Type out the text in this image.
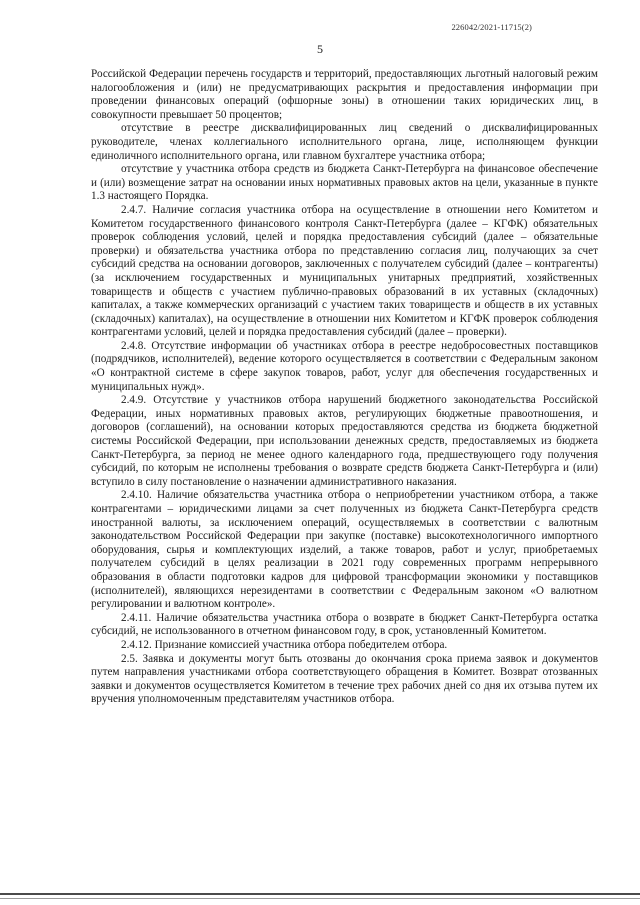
226042/2021-11715(2)
5

Российской Федерации перечень государств и территорий, предоставляющих льготный налоговый режим налогообложения и (или) не предусматривающих раскрытия и предоставления информации при проведении финансовых операций (офшорные зоны) в отношении таких юридических лиц, в совокупности превышает 50 процентов;

отсутствие в реестре дисквалифицированных лиц сведений о дисквалифицированных руководителе, членах коллегиального исполнительного органа, лице, исполняющем функции единоличного исполнительного органа, или главном бухгалтере участника отбора;

отсутствие у участника отбора средств из бюджета Санкт-Петербурга на финансовое обеспечение и (или) возмещение затрат на основании иных нормативных правовых актов на цели, указанные в пункте 1.3 настоящего Порядка.

2.4.7. Наличие согласия участника отбора на осуществление в отношении него Комитетом и Комитетом государственного финансового контроля Санкт-Петербурга (далее – КГФК) обязательных проверок соблюдения условий, целей и порядка предоставления субсидий (далее – обязательные проверки) и обязательства участника отбора по представлению согласия лиц, получающих за счет субсидий средства на основании договоров, заключенных с получателем субсидий (далее – контрагенты) (за исключением государственных и муниципальных унитарных предприятий, хозяйственных товариществ и обществ с участием публично-правовых образований в их уставных (складочных) капиталах, а также коммерческих организаций с участием таких товариществ и обществ в их уставных (складочных) капиталах), на осуществление в отношении них Комитетом и КГФК проверок соблюдения контрагентами условий, целей и порядка предоставления субсидий (далее – проверки).

2.4.8. Отсутствие информации об участниках отбора в реестре недобросовестных поставщиков (подрядчиков, исполнителей), ведение которого осуществляется в соответствии с Федеральным законом «О контрактной системе в сфере закупок товаров, работ, услуг для обеспечения государственных и муниципальных нужд».

2.4.9. Отсутствие у участников отбора нарушений бюджетного законодательства Российской Федерации, иных нормативных правовых актов, регулирующих бюджетные правоотношения, и договоров (соглашений), на основании которых предоставляются средства из бюджета бюджетной системы Российской Федерации, при использовании денежных средств, предоставляемых из бюджета Санкт-Петербурга, за период не менее одного календарного года, предшествующего году получения субсидий, по которым не исполнены требования о возврате средств бюджета Санкт-Петербурга и (или) вступило в силу постановление о назначении административного наказания.

2.4.10. Наличие обязательства участника отбора о неприобретении участником отбора, а также контрагентами – юридическими лицами за счет полученных из бюджета Санкт-Петербурга средств иностранной валюты, за исключением операций, осуществляемых в соответствии с валютным законодательством Российской Федерации при закупке (поставке) высокотехнологичного импортного оборудования, сырья и комплектующих изделий, а также товаров, работ и услуг, приобретаемых получателем субсидий в целях реализации в 2021 году современных программ непрерывного образования в области подготовки кадров для цифровой трансформации экономики у поставщиков (исполнителей), являющихся нерезидентами в соответствии с Федеральным законом «О валютном регулировании и валютном контроле».

2.4.11. Наличие обязательства участника отбора о возврате в бюджет Санкт-Петербурга остатка субсидий, не использованного в отчетном финансовом году, в срок, установленный Комитетом.

2.4.12. Признание комиссией участника отбора победителем отбора.

2.5. Заявка и документы могут быть отозваны до окончания срока приема заявок и документов путем направления участниками отбора соответствующего обращения в Комитет. Возврат отозванных заявки и документов осуществляется Комитетом в течение трех рабочих дней со дня их отзыва путем их вручения уполномоченным представителям участников отбора.
